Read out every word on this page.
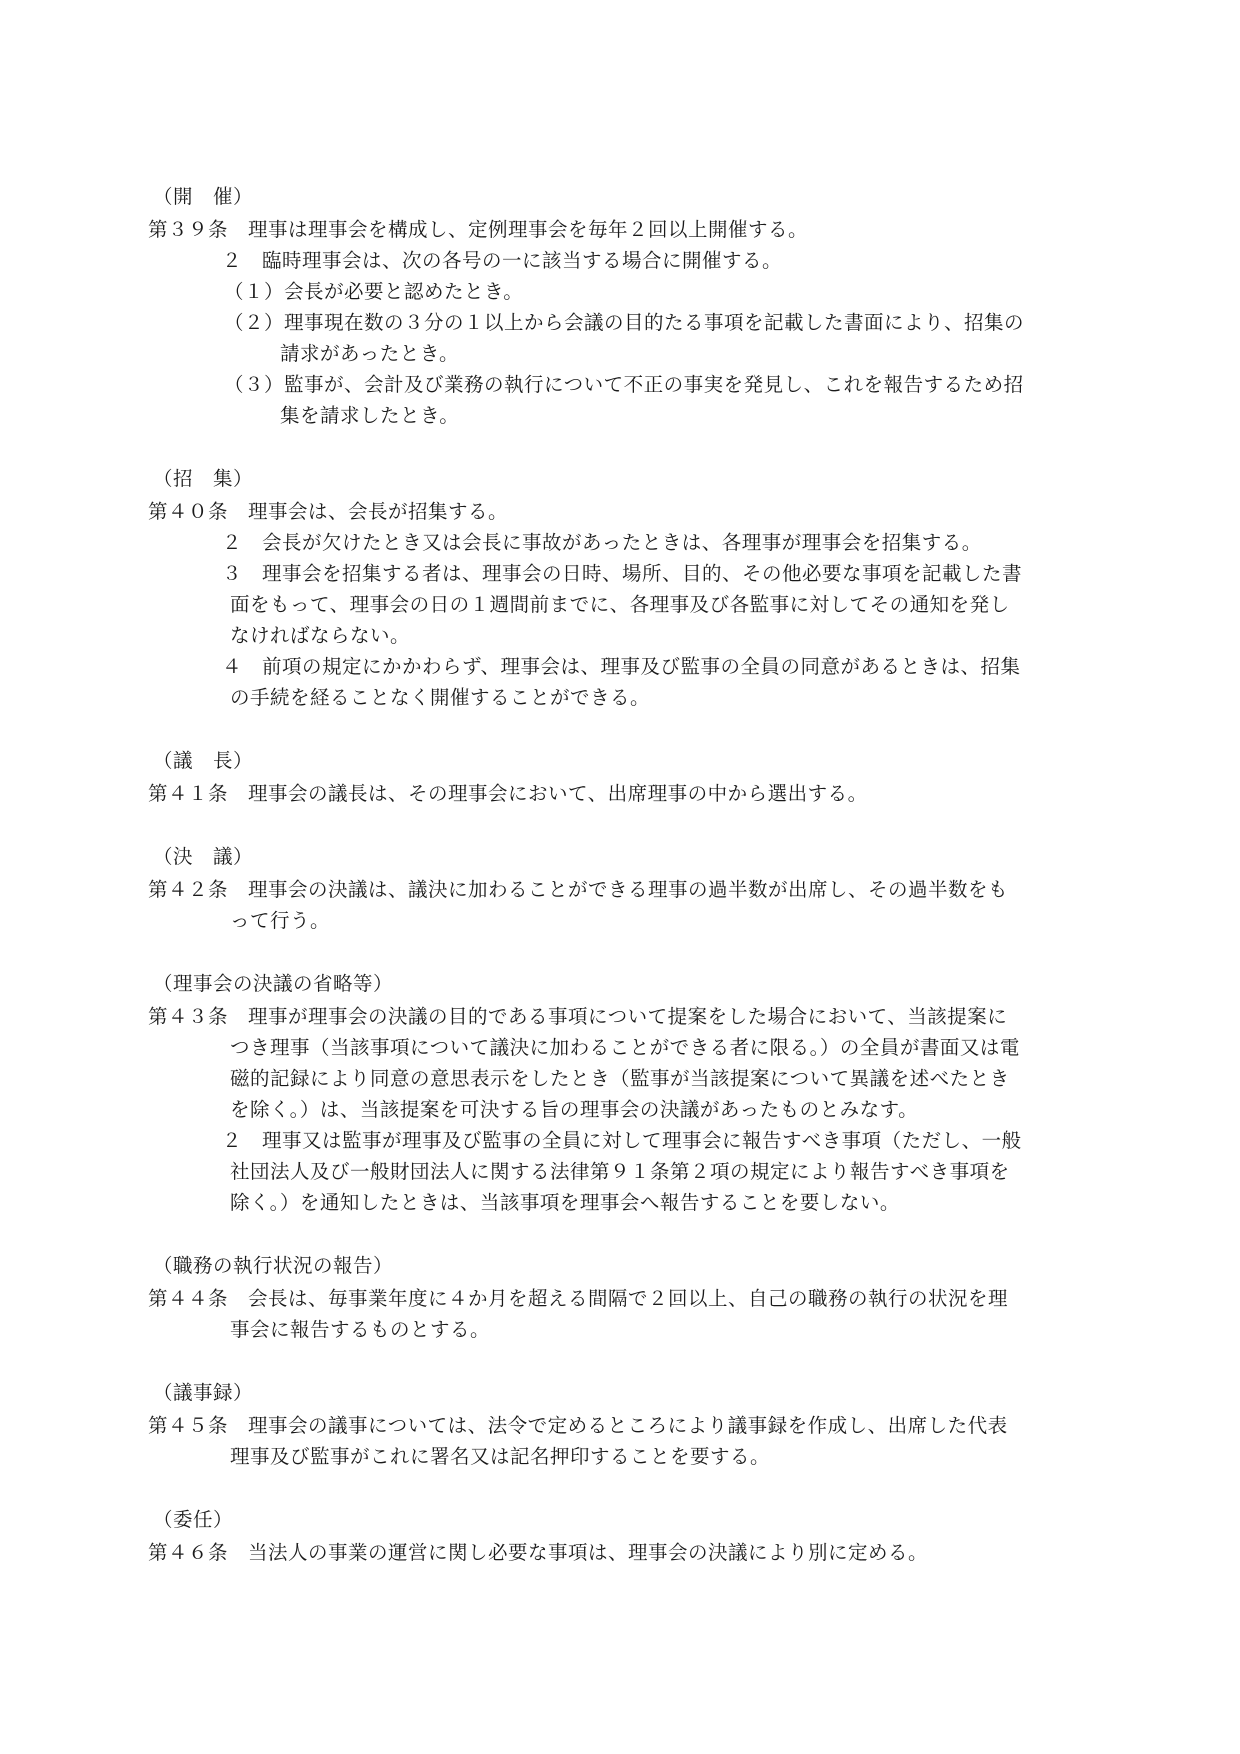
（開　催）
第３９条　理事は理事会を構成し、定例理事会を毎年２回以上開催する。
２　臨時理事会は、次の各号の一に該当する場合に開催する。
（１）会長が必要と認めたとき。
（２）理事現在数の３分の１以上から会議の目的たる事項を記載した書面により、招集の
請求があったとき。
（３）監事が、会計及び業務の執行について不正の事実を発見し、これを報告するため招
集を請求したとき。
（招　集）
第４０条　理事会は、会長が招集する。
２　会長が欠けたとき又は会長に事故があったときは、各理事が理事会を招集する。
３　理事会を招集する者は、理事会の日時、場所、目的、その他必要な事項を記載した書
面をもって、理事会の日の１週間前までに、各理事及び各監事に対してその通知を発し
なければならない。
４　前項の規定にかかわらず、理事会は、理事及び監事の全員の同意があるときは、招集
の手続を経ることなく開催することができる。
（議　長）
第４１条　理事会の議長は、その理事会において、出席理事の中から選出する。
（決　議）
第４２条　理事会の決議は、議決に加わることができる理事の過半数が出席し、その過半数をも
って行う。
（理事会の決議の省略等）
第４３条　理事が理事会の決議の目的である事項について提案をした場合において、当該提案に
つき理事（当該事項について議決に加わることができる者に限る。）の全員が書面又は電
磁的記録により同意の意思表示をしたとき（監事が当該提案について異議を述べたとき
を除く。）は、当該提案を可決する旨の理事会の決議があったものとみなす。
２　理事又は監事が理事及び監事の全員に対して理事会に報告すべき事項（ただし、一般
社団法人及び一般財団法人に関する法律第９１条第２項の規定により報告すべき事項を
除く。）を通知したときは、当該事項を理事会へ報告することを要しない。
（職務の執行状況の報告）
第４４条　会長は、毎事業年度に４か月を超える間隔で２回以上、自己の職務の執行の状況を理
事会に報告するものとする。
（議事録）
第４５条　理事会の議事については、法令で定めるところにより議事録を作成し、出席した代表
理事及び監事がこれに署名又は記名押印することを要する。
（委任）
第４６条　当法人の事業の運営に関し必要な事項は、理事会の決議により別に定める。
